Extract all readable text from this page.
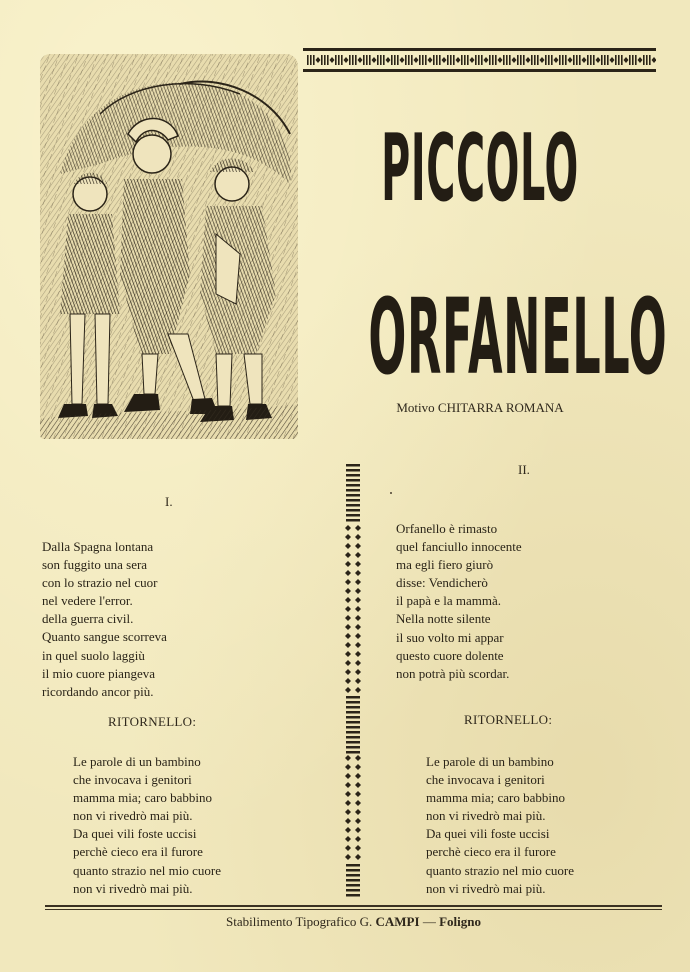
PICCOLO
ORFANELLO
Motivo CHITARRA ROMANA
I.
Dalla Spagna lontana
son fuggito una sera
con lo strazio nel cuor
nel vedere l'error.
della guerra civil.
Quanto sangue scorreva
in quel suolo laggiù
il mio cuore piangeva
ricordando ancor più.
RITORNELLO:
Le parole di un bambino
che invocava i genitori
mamma mia; caro babbino
non vi rivedrò mai più.
Da quei vili foste uccisi
perchè cieco era il furore
quanto strazio nel mio cuore
non vi rivedrò mai più.
II.
Orfanello è rimasto
quel fanciullo innocente
ma egli fiero giurò
disse: Vendicherò
il papà e la mammà.
Nella notte silente
il suo volto mi appar
questo cuore dolente
non potrà più scordar.
RITORNELLO:
Le parole di un bambino
che invocava i genitori
mamma mia; caro babbino
non vi rivedrò mai più.
Da quei vili foste uccisi
perchè cieco era il furore
quanto strazio nel mio cuore
non vi rivedrò mai più.
Stabilimento Tipografico G. CAMPI — Foligno
